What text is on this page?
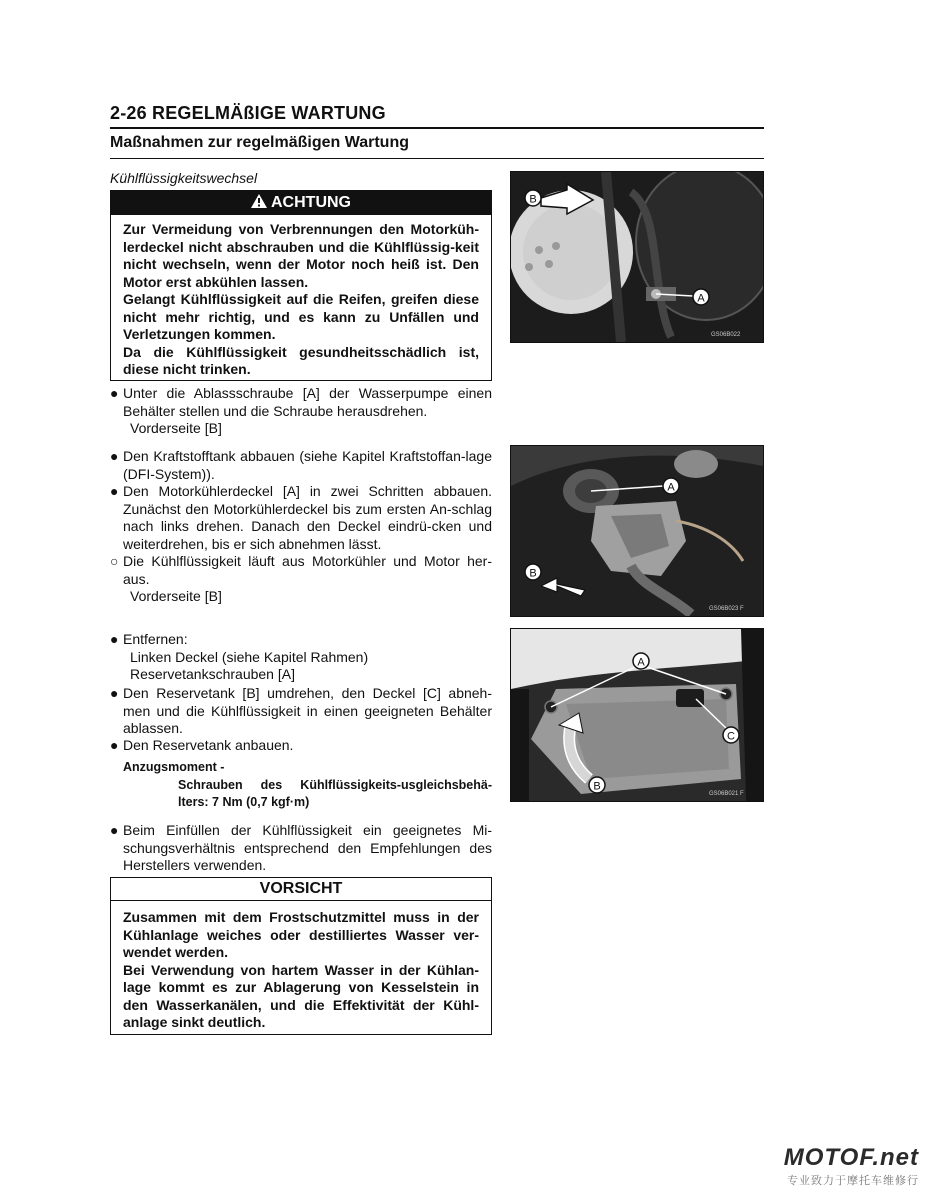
2-26 REGELMÄßIGE WARTUNG
Maßnahmen zur regelmäßigen Wartung
Kühlflüssigkeitswechsel
ACHTUNG
Zur Vermeidung von Verbrennungen den Motorküh-lerdeckel nicht abschrauben und die Kühlflüssig-keit nicht wechseln, wenn der Motor noch heiß ist. Den Motor erst abkühlen lassen.
Gelangt Kühlflüssigkeit auf die Reifen, greifen diese nicht mehr richtig, und es kann zu Unfällen und Verletzungen kommen.
Da die Kühlflüssigkeit gesundheitsschädlich ist, diese nicht trinken.
● Unter die Ablassschraube [A] der Wasserpumpe einen Behälter stellen und die Schraube herausdrehen.
Vorderseite [B]
● Den Kraftstofftank abbauen (siehe Kapitel Kraftstoffan-lage (DFI-System)).
● Den Motorkühlerdeckel [A] in zwei Schritten abbauen. Zunächst den Motorkühlerdeckel bis zum ersten An-schlag nach links drehen. Danach den Deckel eindrü-cken und weiterdrehen, bis er sich abnehmen lässt.
○ Die Kühlflüssigkeit läuft aus Motorkühler und Motor her-aus.
Vorderseite [B]
● Entfernen:
Linken Deckel (siehe Kapitel Rahmen)
Reservetankschrauben [A]
● Den Reservetank [B] umdrehen, den Deckel [C] abneh-men und die Kühlflüssigkeit in einen geeigneten Behälter ablassen.
● Den Reservetank anbauen.
Anzugsmoment -
Schrauben des Kühlflüssigkeits-usgleichsbehä-lters: 7 Nm (0,7 kgf·m)
● Beim Einfüllen der Kühlflüssigkeit ein geeignetes Mi-schungsverhältnis entsprechend den Empfehlungen des Herstellers verwenden.
VORSICHT
Zusammen mit dem Frostschutzmittel muss in der Kühlanlage weiches oder destilliertes Wasser ver-wendet werden.
Bei Verwendung von hartem Wasser in der Kühlan-lage kommt es zur Ablagerung von Kesselstein in den Wasserkanälen, und die Effektivität der Kühl-anlage sinkt deutlich.
B
A
GS06B022
A
B
GS06B023 F
A
C
B
GS06B021 F
MOTOF.net
专业致力于摩托车维修行
